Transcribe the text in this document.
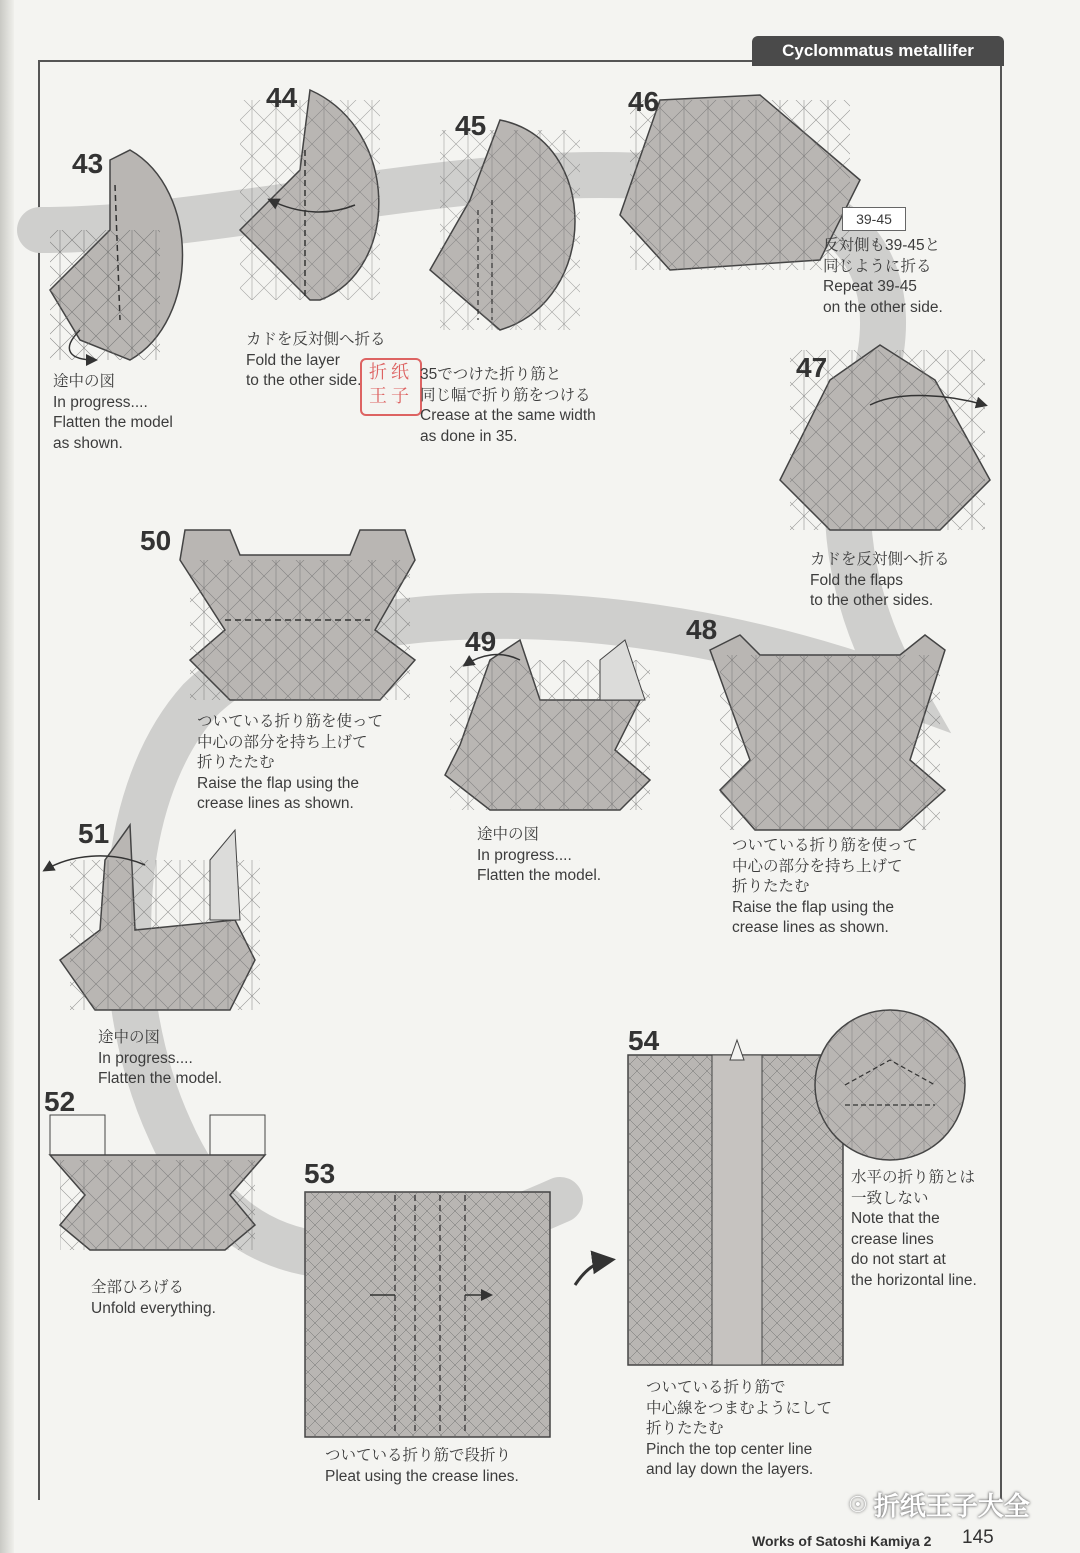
Cyclommatus metallifer
43
44
45
46
47
48
49
50
51
52
53
54
39-45
折纸
王子
途中の図
In progress....
Flatten the model
as shown.
カドを反対側へ折る
Fold the layer
to the other side.	35でつけた折り筋と
同じ幅で折り筋をつける
Crease at the same width
as done in 35.
反対側も39-45と
同じように折る
Repeat 39-45
on the other side.
カドを反対側へ折る
Fold the flaps
to the other sides.
ついている折り筋を使って
中心の部分を持ち上げて
折りたたむ
Raise the flap using the
crease lines as shown.
途中の図
In progress....
Flatten the model.
ついている折り筋を使って
中心の部分を持ち上げて
折りたたむ
Raise the flap using the
crease lines as shown.
途中の図
In progress....
Flatten the model.
全部ひろげる
Unfold everything.
ついている折り筋で段折り
Pleat using the crease lines.
ついている折り筋で
中心線をつまむようにして
折りたたむ
Pinch the top center line
and lay down the layers.
水平の折り筋とは
一致しない
Note that the
crease lines
do not start at
the horizontal line.
☉ 折纸王子大全
Works of Satoshi Kamiya 2 145
